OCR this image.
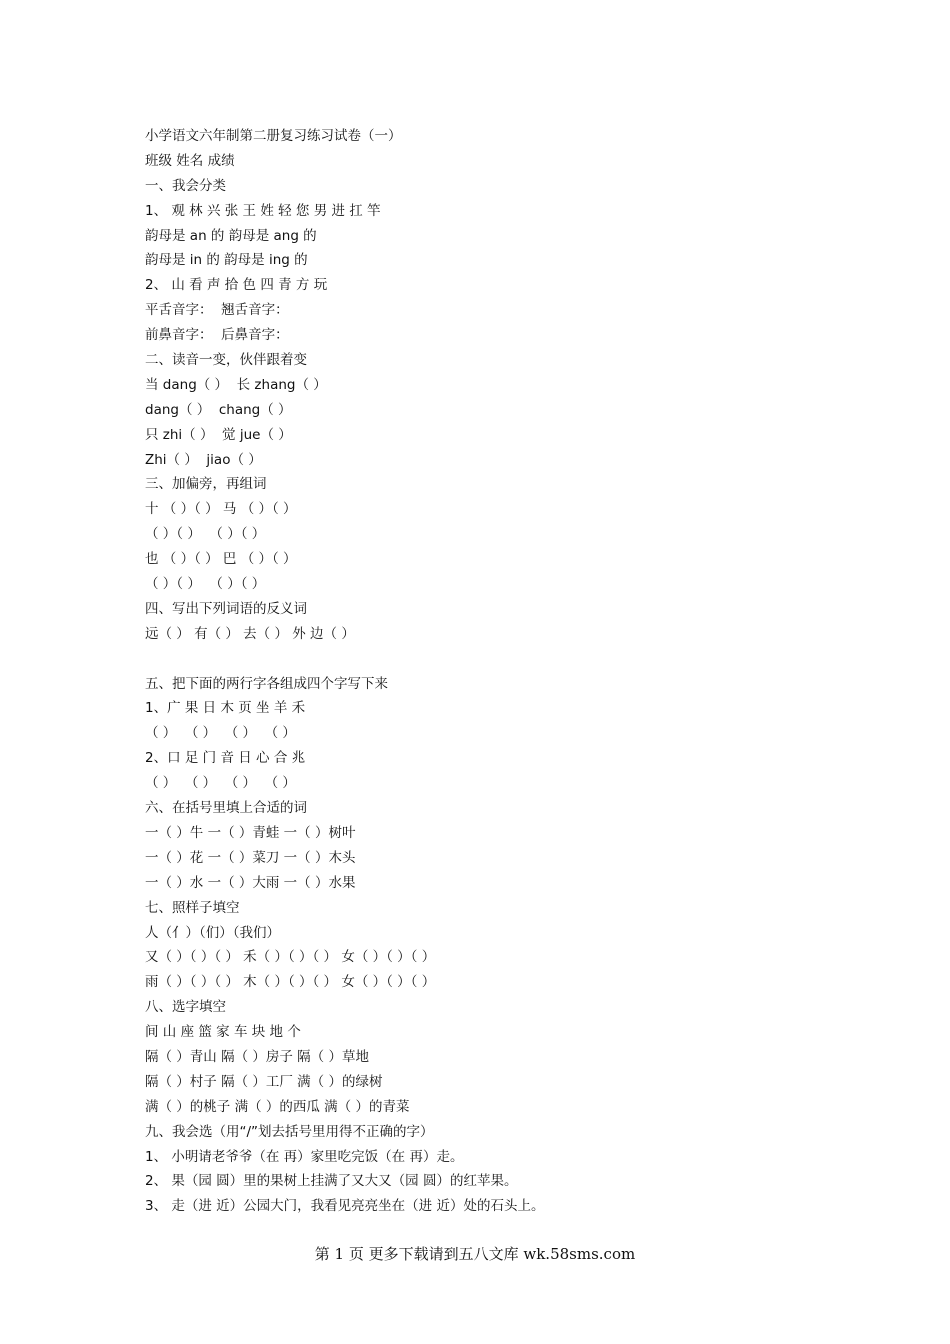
小学语文六年制第二册复习练习试卷（一）
班级 姓名 成绩
一、我会分类
1、 观 林 兴 张 王 姓 轻 您 男 进 扛 竿
韵母是 an 的 韵母是 ang 的
韵母是 in 的 韵母是 ing 的
2、 山 看 声 拾 色 四 青 方 玩
平舌音字：  翘舌音字：
前鼻音字：  后鼻音字：
二、读音一变，伙伴跟着变
当 dang（ ）  长 zhang（ ）
dang（ ）  chang（ ）
只 zhi（ ）  觉 jue（ ）
Zhi（ ）  jiao（ ）
三、加偏旁，再组词
十 （ ）（ ） 马 （ ）（ ）
（ ）（ ）  （ ）（ ）
也 （ ）（ ） 巴 （ ）（ ）
（ ）（ ）  （ ）（ ）
四、写出下列词语的反义词
远（ ） 有（ ） 去（ ） 外 边（ ）
五、把下面的两行字各组成四个字写下来
1、广 果 日 木 页 坐 羊 禾
（ ）  （ ）  （ ）  （ ）
2、口 足 门 音 日 心 合 兆
（ ）  （ ）  （ ）  （ ）
六、在括号里填上合适的词
一（ ）牛 一（ ）青蛙 一（ ）树叶
一（ ）花 一（ ）菜刀 一（ ）木头
一（ ）水 一（ ）大雨 一（ ）水果
七、照样子填空
人（亻）（们）（我们）
又（ ）（ ）（ ） 禾（ ）（ ）（ ） 女（ ）（ ）（ ）
雨（ ）（ ）（ ） 木（ ）（ ）（ ） 女（ ）（ ）（ ）
八、选字填空
间 山 座 篮 家 车 块 地 个
隔（ ）青山 隔（ ）房子 隔（ ）草地
隔（ ）村子 隔（ ）工厂 满（ ）的绿树
满（ ）的桃子 满（ ）的西瓜 满（ ）的青菜
九、我会选（用“/”划去括号里用得不正确的字）
1、 小明请老爷爷（在 再）家里吃完饭（在 再）走。
2、 果（园 圆）里的果树上挂满了又大又（园 圆）的红苹果。
3、 走（进 近）公园大门，我看见亮亮坐在（进 近）处的石头上。
第 1 页 更多下载请到五八文库 wk.58sms.com
